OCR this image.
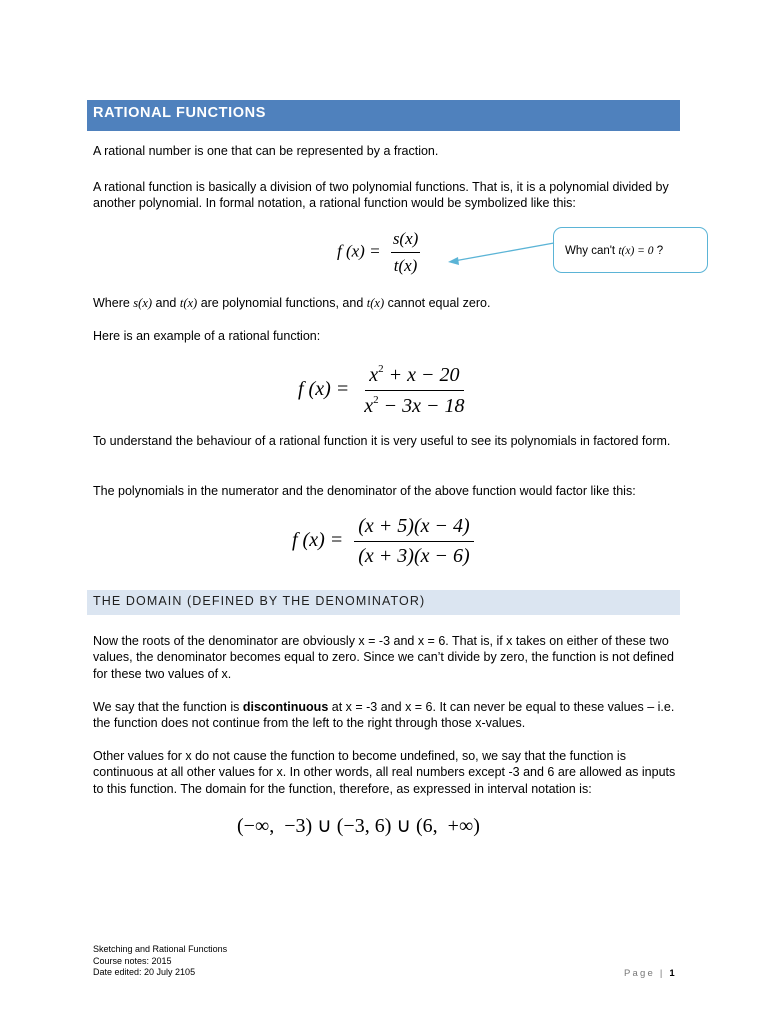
RATIONAL FUNCTIONS
A rational number is one that can be represented by a fraction.
A rational function is basically a division of two polynomial functions. That is, it is a polynomial divided by another polynomial. In formal notation, a rational function would be symbolized like this:
f $(x) = \frac{s(x)}{t(x)}$	Why can't t(x) = 0 ?
Where s(x) and t(x) are polynomial functions, and t(x) cannot equal zero.
Here is an example of a rational function:
f $(x) = \frac{x^2 + x - 20}{x^2 - 3x - 18}$
To understand the behaviour of a rational function it is very useful to see its polynomials in factored form.
The polynomials in the numerator and the denominator of the above function would factor like this:
f $(x) = \frac{(x + 5)(x - 4)}{(x + 3)(x - 6)}$
THE DOMAIN (DEFINED BY THE DENOMINATOR)
Now the roots of the denominator are obviously x = -3 and x = 6. That is, if x takes on either of these two values, the denominator becomes equal to zero. Since we can’t divide by zero, the function is not defined for these two values of x.
We say that the function is discontinuous at x = -3 and x = 6. It can never be equal to these values – i.e. the function does not continue from the left to the right through those x-values.
Other values for x do not cause the function to become undefined, so, we say that the function is continuous at all other values for x. In other words, all real numbers except -3 and 6 are allowed as inputs to this function. The domain for the function, therefore, as expressed in interval notation is:
(−∞,  −3) ∪ (−3, 6) ∪ (6,  +∞)
Sketching and Rational Functions
Course notes: 2015
Date edited: 20 July 2105	Page | 1
